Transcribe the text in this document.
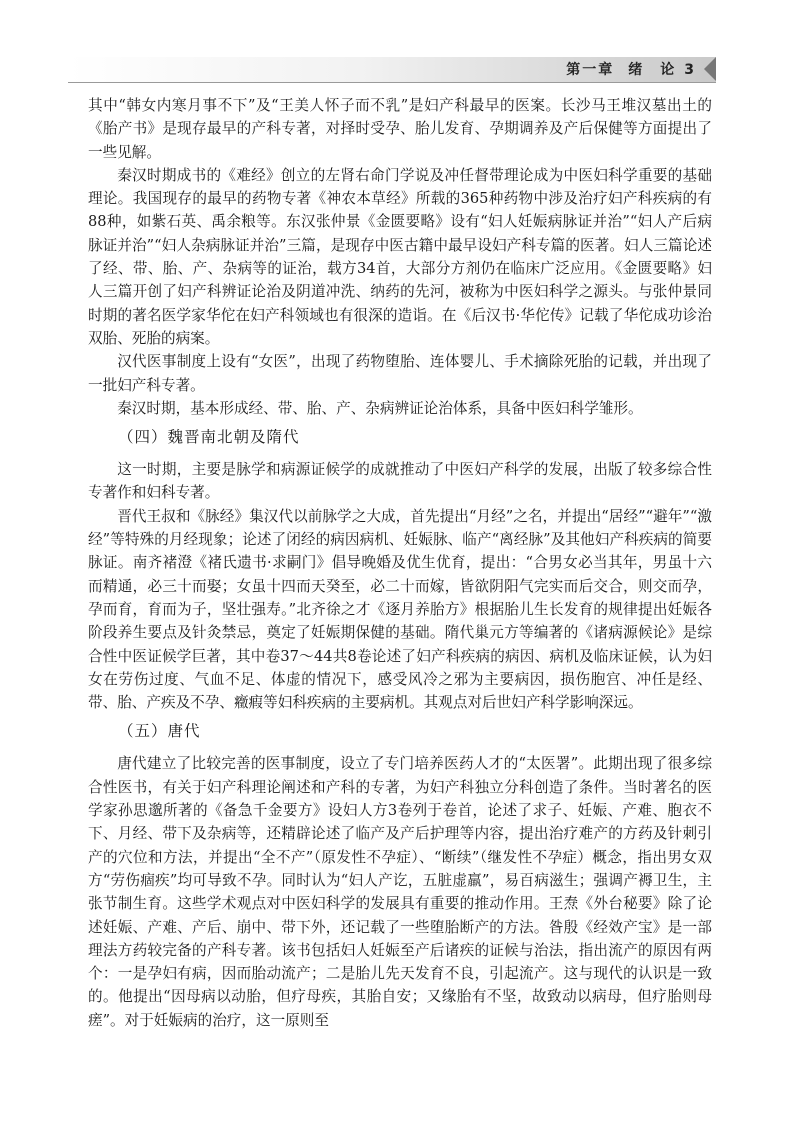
第一章 绪　论 3

其中“韩女内寒月事不下”及“王美人怀子而不乳”是妇产科最早的医案。长沙马王堆汉墓出土的《胎产书》是现存最早的产科专著，对择时受孕、胎儿发育、孕期调养及产后保健等方面提出了一些见解。

秦汉时期成书的《难经》创立的左肾右命门学说及冲任督带理论成为中医妇科学重要的基础理论。我国现存的最早的药物专著《神农本草经》所载的365种药物中涉及治疗妇产科疾病的有88种，如紫石英、禹余粮等。东汉张仲景《金匮要略》设有“妇人妊娠病脉证并治”“妇人产后病脉证并治”“妇人杂病脉证并治”三篇，是现存中医古籍中最早设妇产科专篇的医著。妇人三篇论述了经、带、胎、产、杂病等的证治，载方34首，大部分方剂仍在临床广泛应用。《金匮要略》妇人三篇开创了妇产科辨证论治及阴道冲洗、纳药的先河，被称为中医妇科学之源头。与张仲景同时期的著名医学家华佗在妇产科领域也有很深的造诣。在《后汉书·华佗传》记载了华佗成功诊治双胎、死胎的病案。

汉代医事制度上设有“女医”，出现了药物堕胎、连体婴儿、手术摘除死胎的记载，并出现了一批妇产科专著。

秦汉时期，基本形成经、带、胎、产、杂病辨证论治体系，具备中医妇科学雏形。

（四）魏晋南北朝及隋代

这一时期，主要是脉学和病源证候学的成就推动了中医妇产科学的发展，出版了较多综合性专著作和妇科专著。

晋代王叔和《脉经》集汉代以前脉学之大成，首先提出“月经”之名，并提出“居经”“避年”“激经”等特殊的月经现象；论述了闭经的病因病机、妊娠脉、临产“离经脉”及其他妇产科疾病的简要脉证。南齐褚澄《褚氏遗书·求嗣门》倡导晚婚及优生优育，提出：“合男女必当其年，男虽十六而精通，必三十而娶；女虽十四而天癸至，必二十而嫁，皆欲阴阳气完实而后交合，则交而孕，孕而育，育而为子，坚壮强寿。”北齐徐之才《逐月养胎方》根据胎儿生长发育的规律提出妊娠各阶段养生要点及针灸禁忌，奠定了妊娠期保健的基础。隋代巢元方等编著的《诸病源候论》是综合性中医证候学巨著，其中卷37～44共8卷论述了妇产科疾病的病因、病机及临床证候，认为妇女在劳伤过度、气血不足、体虚的情况下，感受风冷之邪为主要病因，损伤胞宫、冲任是经、带、胎、产疾及不孕、癥瘕等妇科疾病的主要病机。其观点对后世妇产科学影响深远。

（五）唐代

唐代建立了比较完善的医事制度，设立了专门培养医药人才的“太医署”。此期出现了很多综合性医书，有关于妇产科理论阐述和产科的专著，为妇产科独立分科创造了条件。当时著名的医学家孙思邈所著的《备急千金要方》设妇人方3卷列于卷首，论述了求子、妊娠、产难、胞衣不下、月经、带下及杂病等，还精辟论述了临产及产后护理等内容，提出治疗难产的方药及针刺引产的穴位和方法，并提出“全不产”（原发性不孕症）、“断续”（继发性不孕症）概念，指出男女双方“劳伤痼疾”均可导致不孕。同时认为“妇人产讫，五脏虚羸”，易百病滋生；强调产褥卫生，主张节制生育。这些学术观点对中医妇科学的发展具有重要的推动作用。王焘《外台秘要》除了论述妊娠、产难、产后、崩中、带下外，还记载了一些堕胎断产的方法。昝殷《经效产宝》是一部理法方药较完备的产科专著。该书包括妇人妊娠至产后诸疾的证候与治法，指出流产的原因有两个：一是孕妇有病，因而胎动流产；二是胎儿先天发育不良，引起流产。这与现代的认识是一致的。他提出“因母病以动胎，但疗母疾，其胎自安；又缘胎有不坚，故致动以病母，但疗胎则母瘥”。对于妊娠病的治疗，这一原则至
